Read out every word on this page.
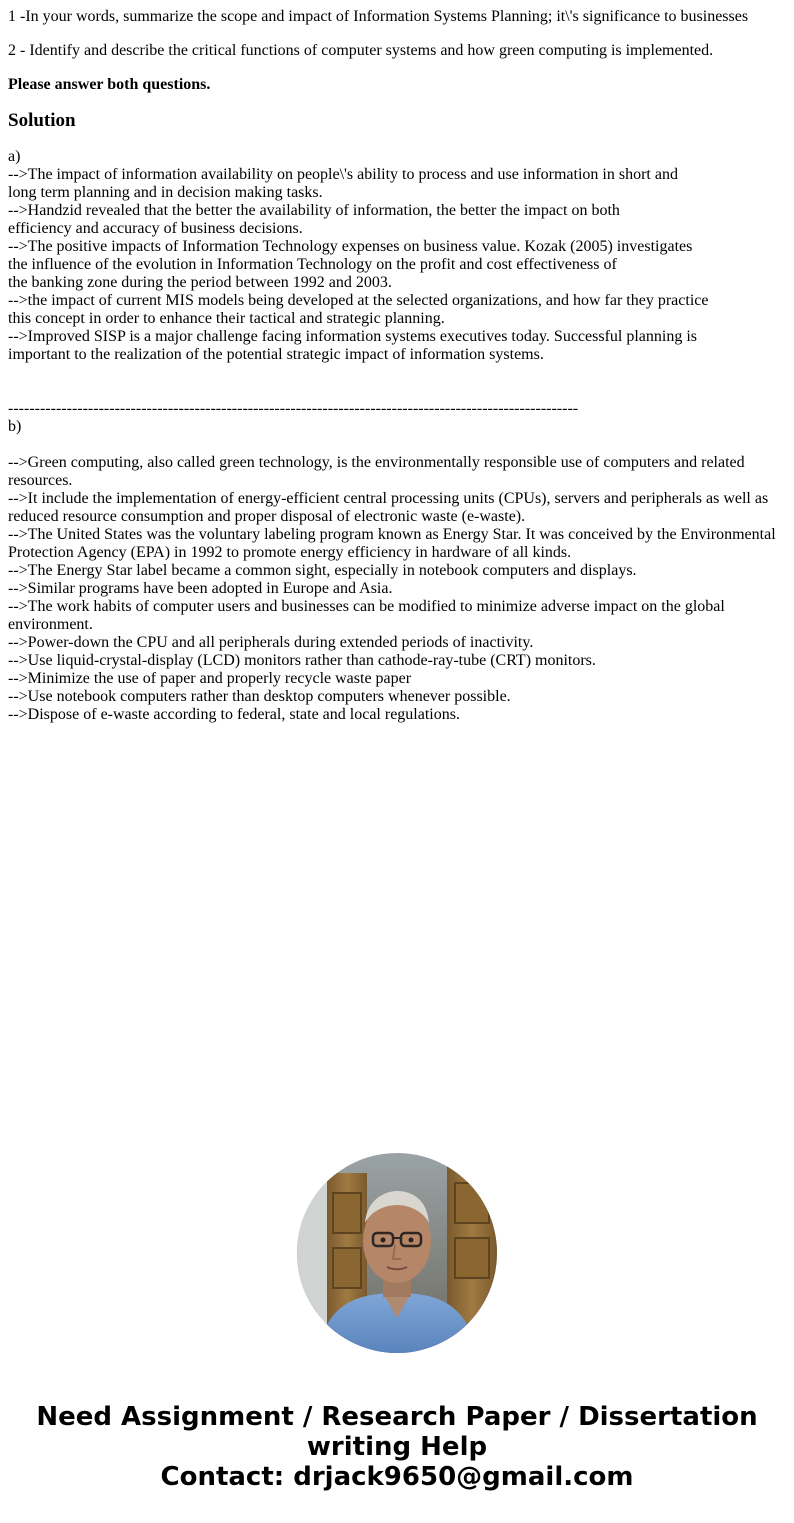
1 -In your words, summarize the scope and impact of Information Systems Planning; it\'s significance to businesses

2 - Identify and describe the critical functions of computer systems and how green computing is implemented.

Please answer both questions.

Solution
a)
-->The impact of information availability on people\'s ability to process and use information in short and
long term planning and in decision making tasks.
-->Handzid revealed that the better the availability of information, the better the impact on both
efficiency and accuracy of business decisions.
-->The positive impacts of Information Technology expenses on business value. Kozak (2005) investigates
the influence of the evolution in Information Technology on the profit and cost effectiveness of
the banking zone during the period between 1992 and 2003.
-->the impact of current MIS models being developed at the selected organizations, and how far they practice
this concept in order to enhance their tactical and strategic planning.
-->Improved SISP is a major challenge facing information systems executives today. Successful planning is
important to the realization of the potential strategic impact of information systems.
-----------------------------------------------------------------------------------------------------------
b)
-->Green computing, also called green technology, is the environmentally responsible use of computers and related
resources.
-->It include the implementation of energy-efficient central processing units (CPUs), servers and peripherals as well as
reduced resource consumption and proper disposal of electronic waste (e-waste).
-->The United States was the voluntary labeling program known as Energy Star. It was conceived by the Environmental
Protection Agency (EPA) in 1992 to promote energy efficiency in hardware of all kinds.
-->The Energy Star label became a common sight, especially in notebook computers and displays.
-->Similar programs have been adopted in Europe and Asia.
-->The work habits of computer users and businesses can be modified to minimize adverse impact on the global
environment.
-->Power-down the CPU and all peripherals during extended periods of inactivity.
-->Use liquid-crystal-display (LCD) monitors rather than cathode-ray-tube (CRT) monitors.
-->Minimize the use of paper and properly recycle waste paper
-->Use notebook computers rather than desktop computers whenever possible.
-->Dispose of e-waste according to federal, state and local regulations.
Need Assignment / Research Paper / Dissertation
writing Help
Contact: drjack9650@gmail.com
